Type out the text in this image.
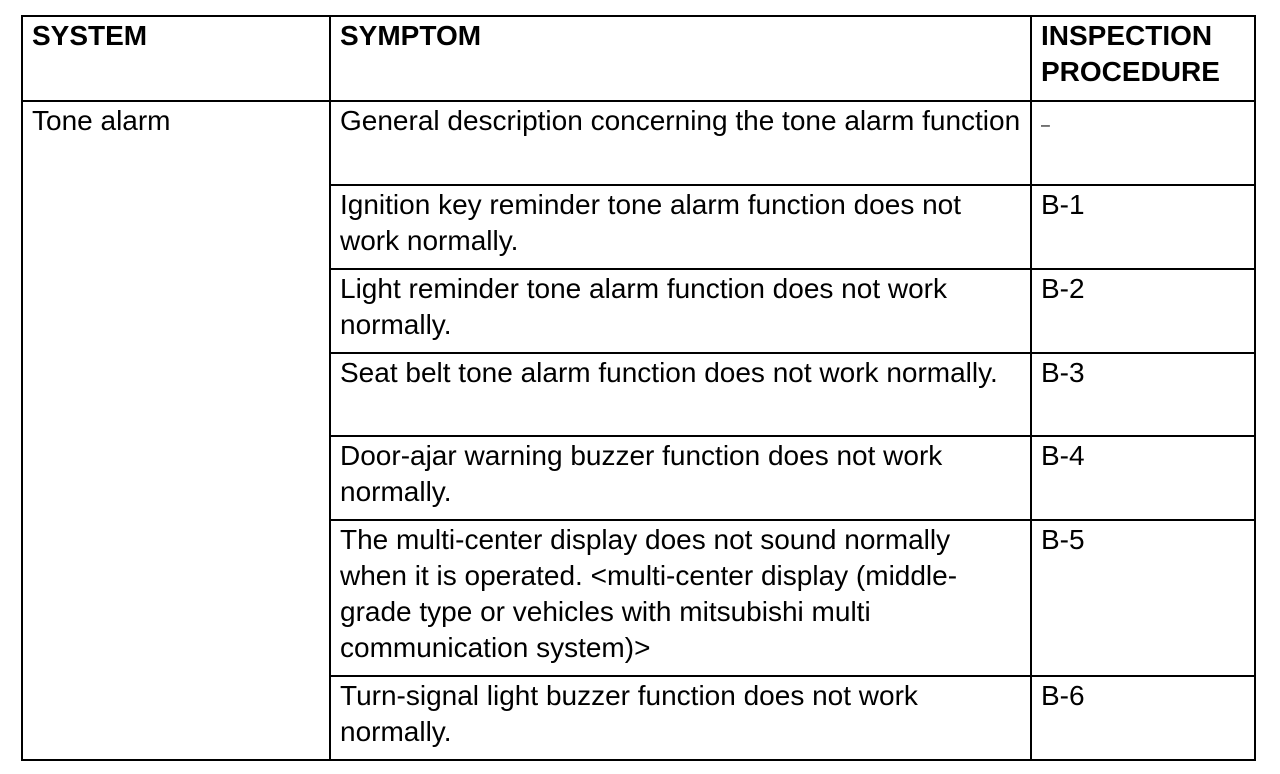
SYSTEM	SYMPTOM	INSPECTION PROCEDURE
Tone alarm	General description concerning the tone alarm function	–
	Ignition key reminder tone alarm function does not work normally.	B-1
	Light reminder tone alarm function does not work normally.	B-2
	Seat belt tone alarm function does not work normally.	B-3
	Door-ajar warning buzzer function does not work normally.	B-4
	The multi-center display does not sound normally when it is operated. <multi-center display (middle-grade type or vehicles with mitsubishi multi communication system)>	B-5
	Turn-signal light buzzer function does not work normally.	B-6
